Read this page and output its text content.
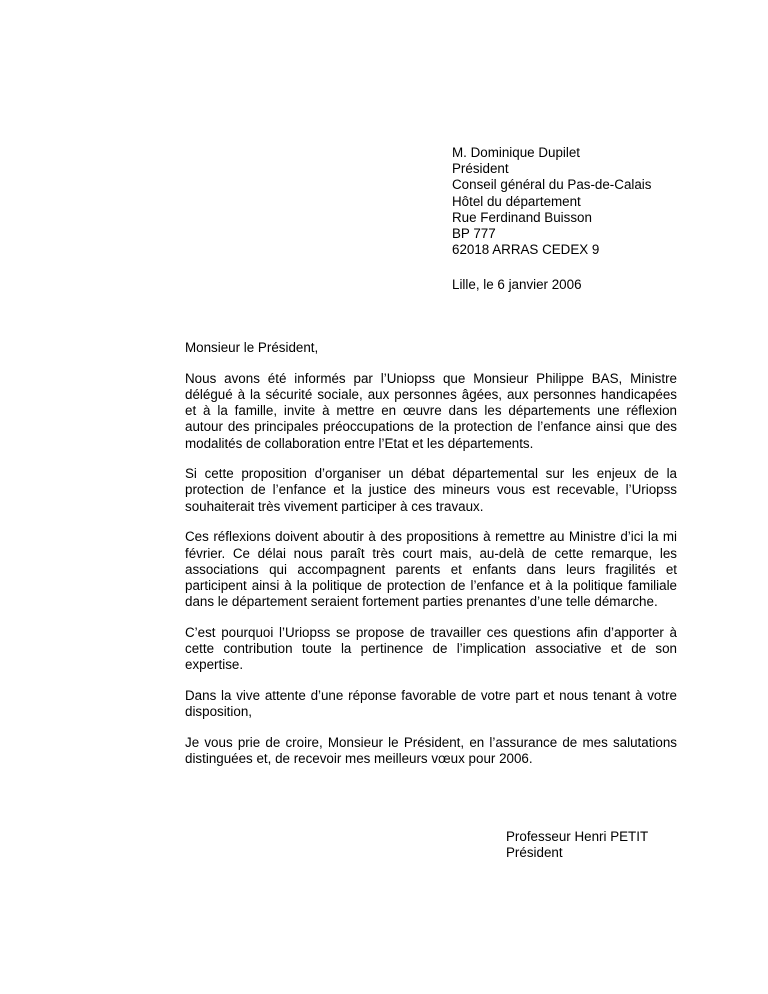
M. Dominique Dupilet
Président
Conseil général du Pas-de-Calais
Hôtel du département
Rue Ferdinand Buisson
BP 777
62018 ARRAS CEDEX 9
Lille, le 6 janvier 2006

Monsieur le Président,

Nous avons été informés par l’Uniopss que Monsieur Philippe BAS, Ministre délégué à la sécurité sociale, aux personnes âgées, aux personnes handicapées et à la famille, invite à mettre en œuvre dans les départements une réflexion autour des principales préoccupations de la protection de l’enfance ainsi que des modalités de collaboration entre l’Etat et les départements.

Si cette proposition d’organiser un débat départemental sur les enjeux de la protection de l’enfance et la justice des mineurs vous est recevable, l’Uriopss souhaiterait très vivement participer à ces travaux.

Ces réflexions doivent aboutir à des propositions à remettre au Ministre d’ici la mi février. Ce délai nous paraît très court mais, au-delà de cette remarque, les associations qui accompagnent parents et enfants dans leurs fragilités et participent ainsi à la politique de protection de l’enfance et à la politique familiale dans le département seraient fortement parties prenantes d’une telle démarche.

C’est pourquoi l’Uriopss se propose de travailler ces questions afin d’apporter à cette contribution toute la pertinence de l’implication associative et de son expertise.

Dans la vive attente d’une réponse favorable de votre part et nous tenant à votre disposition,

Je vous prie de croire, Monsieur le Président, en l’assurance de mes salutations distinguées et, de recevoir mes meilleurs vœux pour 2006.

Professeur Henri PETIT
Président
